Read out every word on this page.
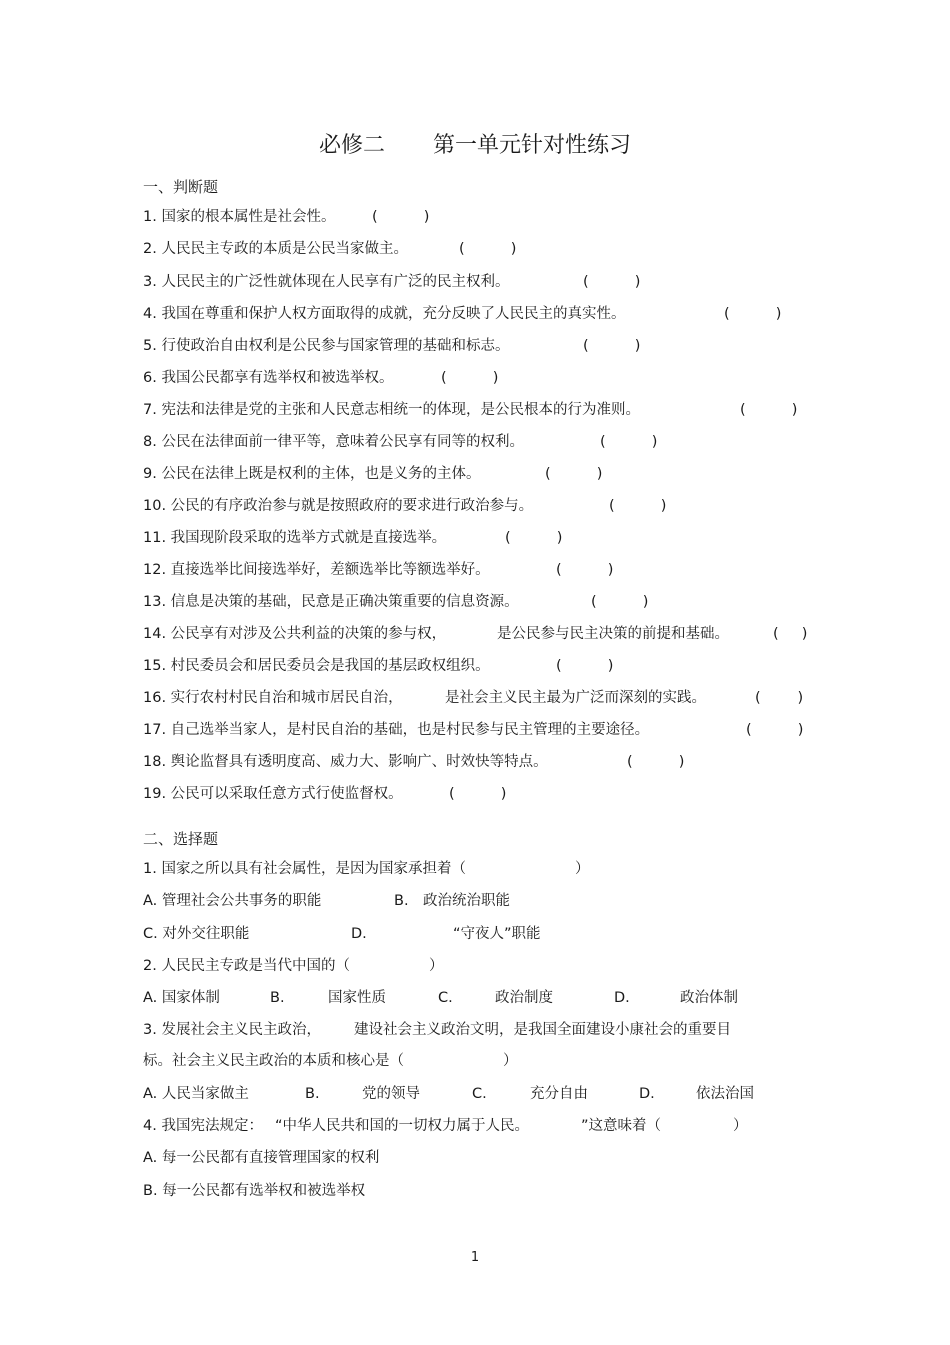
必修二 第一单元针对性练习
一、判断题
1. 国家的根本属性是社会性。	(          )
2. 人民民主专政的本质是公民当家做主。	(          )
3. 人民民主的广泛性就体现在人民享有广泛的民主权利。	(          )
4. 我国在尊重和保护人权方面取得的成就，充分反映了人民民主的真实性。	(          )
5. 行使政治自由权利是公民参与国家管理的基础和标志。	(          )
6. 我国公民都享有选举权和被选举权。	(          )
7. 宪法和法律是党的主张和人民意志相统一的体现，是公民根本的行为准则。	(          )
8. 公民在法律面前一律平等，意味着公民享有同等的权利。	(          )
9. 公民在法律上既是权利的主体，也是义务的主体。	(          )
10. 公民的有序政治参与就是按照政府的要求进行政治参与。	(          )
11. 我国现阶段采取的选举方式就是直接选举。	(          )
12. 直接选举比间接选举好，差额选举比等额选举好。	(          )
13. 信息是决策的基础，民意是正确决策重要的信息资源。	(          )
14. 公民享有对涉及公共利益的决策的参与权，	是公民参与民主决策的前提和基础。	(     )
15. 村民委员会和居民委员会是我国的基层政权组织。	(          )
16. 实行农村村民自治和城市居民自治，	是社会主义民主最为广泛而深刻的实践。	(        )
17. 自己选举当家人，是村民自治的基础，也是村民参与民主管理的主要途径。	(          )
18. 舆论监督具有透明度高、威力大、影响广、时效快等特点。	(          )
19. 公民可以采取任意方式行使监督权。	(          )
二、选择题
1. 国家之所以具有社会属性，是因为国家承担着（	）
A. 管理社会公共事务的职能	B. 政治统治职能
C. 对外交往职能	D.	“守夜人”职能
2. 人民民主专政是当代中国的（	）
A. 国家体制	B.	国家性质	C.	政治制度	D.	政治体制
3. 发展社会主义民主政治， 建设社会主义政治文明，是我国全面建设小康社会的重要目
标。社会主义民主政治的本质和核心是（	）
A. 人民当家做主	B.	党的领导	C.	充分自由	D.	依法治国
4. 我国宪法规定： “中华人民共和国的一切权力属于人民。	”这意味着（	）
A. 每一公民都有直接管理国家的权利
B. 每一公民都有选举权和被选举权
1
